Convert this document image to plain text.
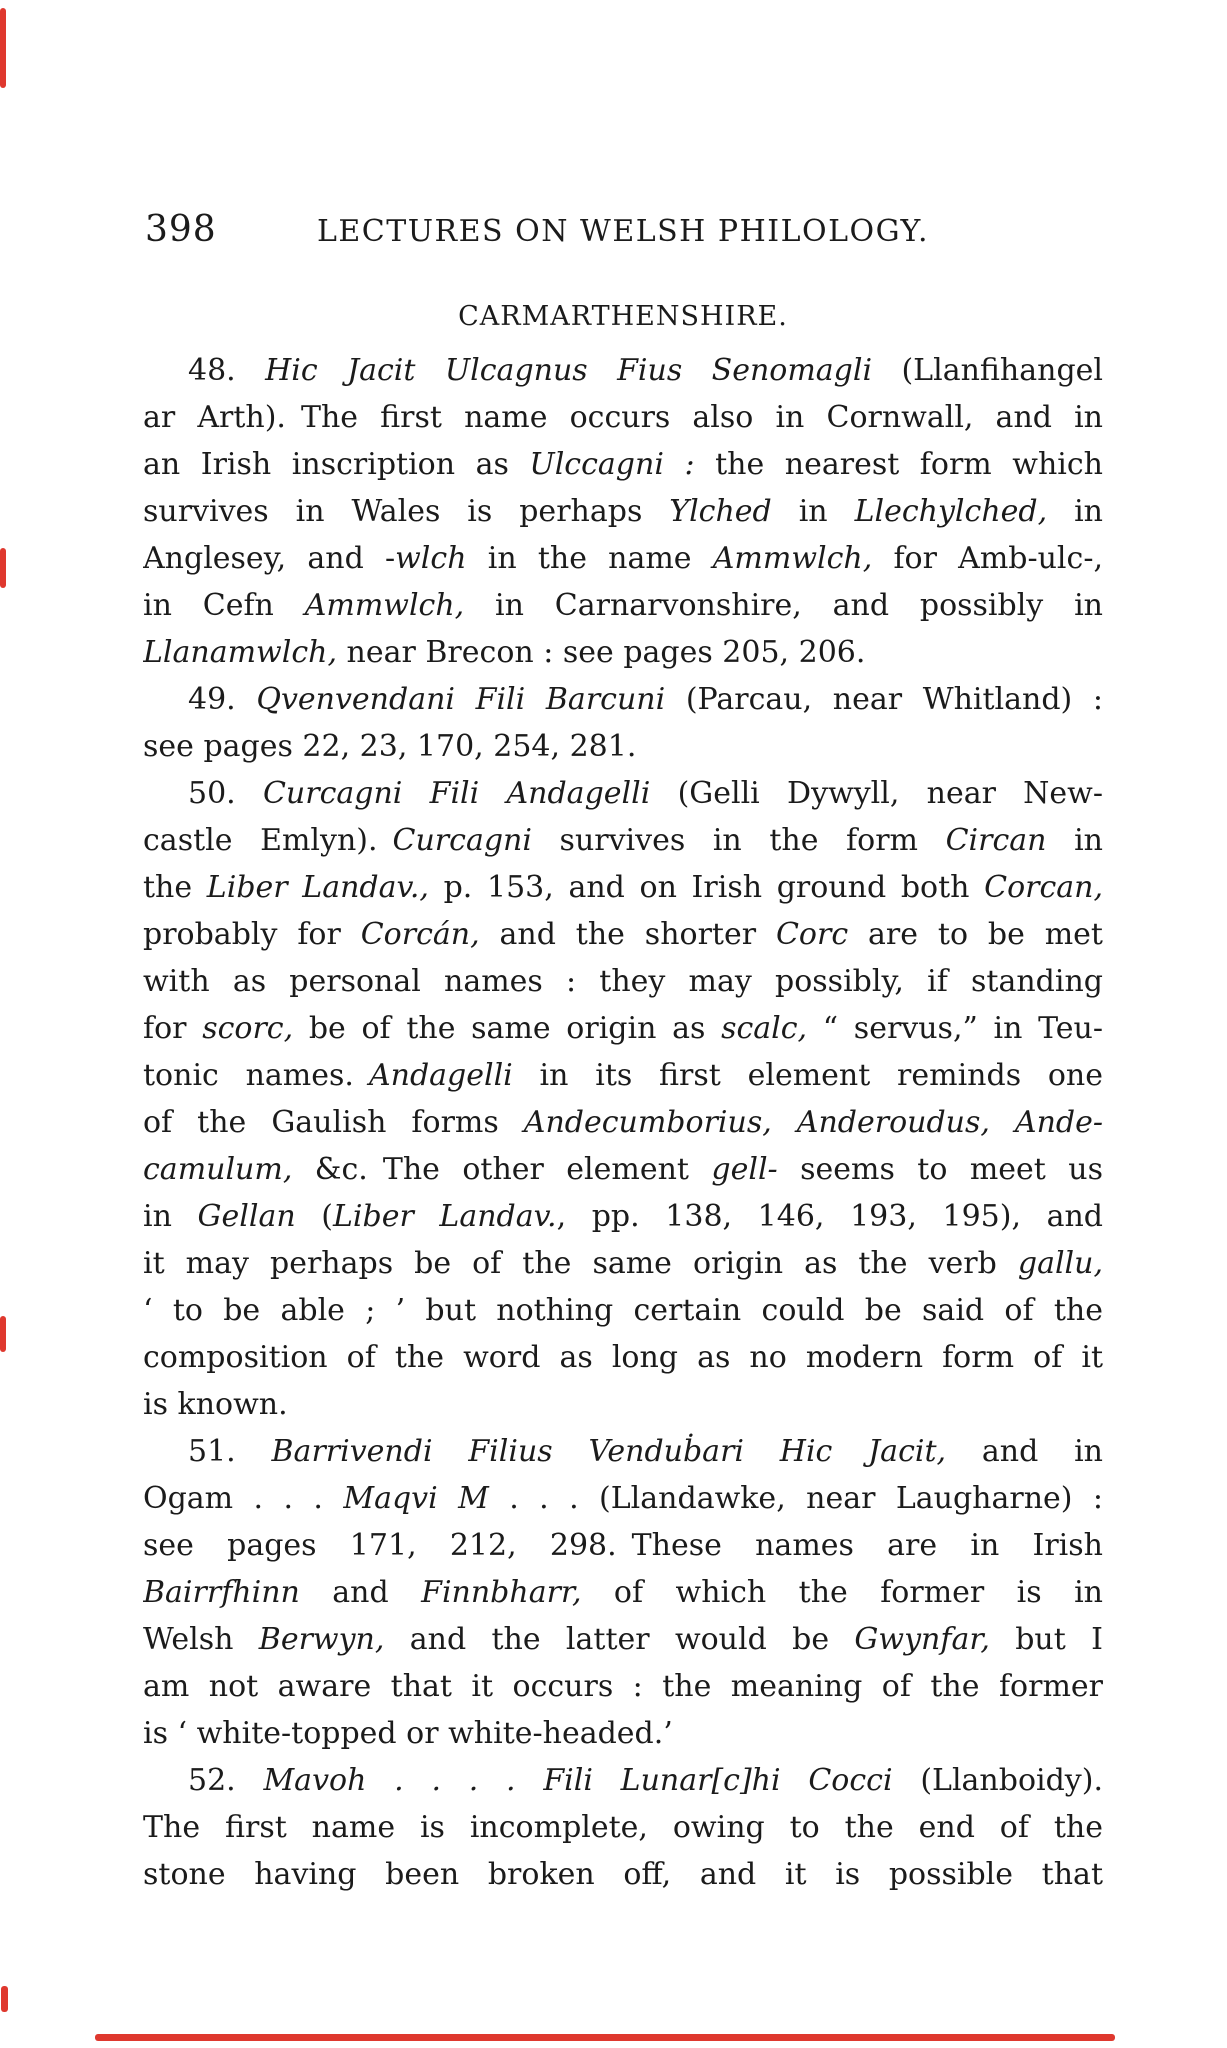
398	LECTURES ON WELSH PHILOLOGY.
CARMARTHENSHIRE.
48. Hic Jacit Ulcagnus Fius Senomagli (Llanfihangel
ar Arth). The first name occurs also in Cornwall, and in
an Irish inscription as Ulccagni : the nearest form which
survives in Wales is perhaps Ylched in Llechylched, in
Anglesey, and -wlch in the name Ammwlch, for Amb-ulc-,
in Cefn Ammwlch, in Carnarvonshire, and possibly in
Llanamwlch, near Brecon : see pages 205, 206.
49. Qvenvendani Fili Barcuni (Parcau, near Whitland) :
see pages 22, 23, 170, 254, 281.
50. Curcagni Fili Andagelli (Gelli Dywyll, near New-
castle Emlyn). Curcagni survives in the form Circan in
the Liber Landav., p. 153, and on Irish ground both Corcan,
probably for Corcán, and the shorter Corc are to be met
with as personal names : they may possibly, if standing
for scorc, be of the same origin as scalc, “ servus,” in Teu-
tonic names. Andagelli in its first element reminds one
of the Gaulish forms Andecumborius, Anderoudus, Ande-
camulum, &c. The other element gell- seems to meet us
in Gellan (Liber Landav., pp. 138, 146, 193, 195), and
it may perhaps be of the same origin as the verb gallu,
‘ to be able ; ’ but nothing certain could be said of the
composition of the word as long as no modern form of it
is known.
51. Barrivendi Filius Venduḃari Hic Jacit, and in
Ogam . . . Maqvi M . . . (Llandawke, near Laugharne) :
see pages 171, 212, 298. These names are in Irish
Bairrfhinn and Finnbharr, of which the former is in
Welsh Berwyn, and the latter would be Gwynfar, but I
am not aware that it occurs : the meaning of the former
is ‘ white-topped or white-headed.’
52. Mavoh . . . . Fili Lunar[c]hi Cocci (Llanboidy).
The first name is incomplete, owing to the end of the
stone having been broken off, and it is possible that
